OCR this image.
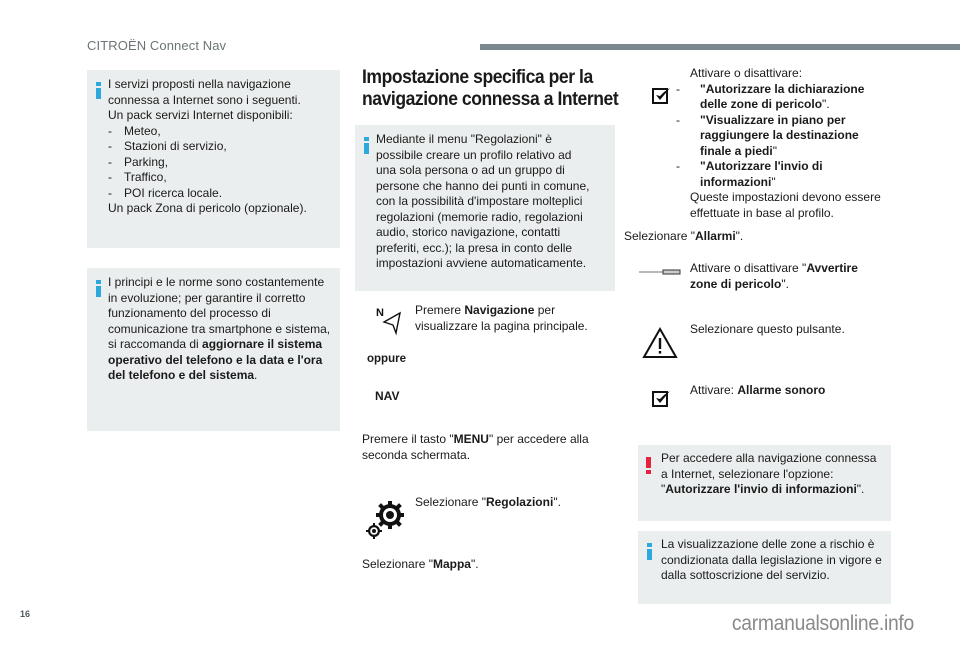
CITROËN Connect Nav
I servizi proposti nella navigazione
connessa a Internet sono i seguenti.
Un pack servizi Internet disponibili:
- Meteo,
- Stazioni di servizio,
- Parking,
- Traffico,
- POI ricerca locale.
Un pack Zona di pericolo (opzionale).
I principi e le norme sono costantemente
in evoluzione; per garantire il corretto
funzionamento del processo di
comunicazione tra smartphone e sistema,
si raccomanda di aggiornare il sistema
operativo del telefono e la data e l'ora
del telefono e del sistema.
Impostazione specifica per la
navigazione connessa a Internet
Mediante il menu "Regolazioni" è
possibile creare un profilo relativo ad
una sola persona o ad un gruppo di
persone che hanno dei punti in comune,
con la possibilità d'impostare molteplici
regolazioni (memorie radio, regolazioni
audio, storico navigazione, contatti
preferiti, ecc.); la presa in conto delle
impostazioni avviene automaticamente.
N	Premere Navigazione per
visualizzare la pagina principale.
oppure
NAV
Premere il tasto "MENU" per accedere alla
seconda schermata.
Selezionare "Regolazioni".
Selezionare "Mappa".
Attivare o disattivare:
- "Autorizzare la dichiarazione
delle zone di pericolo".
- "Visualizzare in piano per
raggiungere la destinazione
finale a piedi"
- "Autorizzare l'invio di
informazioni"
Queste impostazioni devono essere
effettuate in base al profilo.
Selezionare "Allarmi".
Attivare o disattivare "Avvertire
zone di pericolo".
Selezionare questo pulsante.
Attivare: Allarme sonoro
Per accedere alla navigazione connessa
a Internet, selezionare l'opzione:
"Autorizzare l'invio di informazioni".
La visualizzazione delle zone a rischio è
condizionata dalla legislazione in vigore e
dalla sottoscrizione del servizio.
16	carmanualsonline.info
